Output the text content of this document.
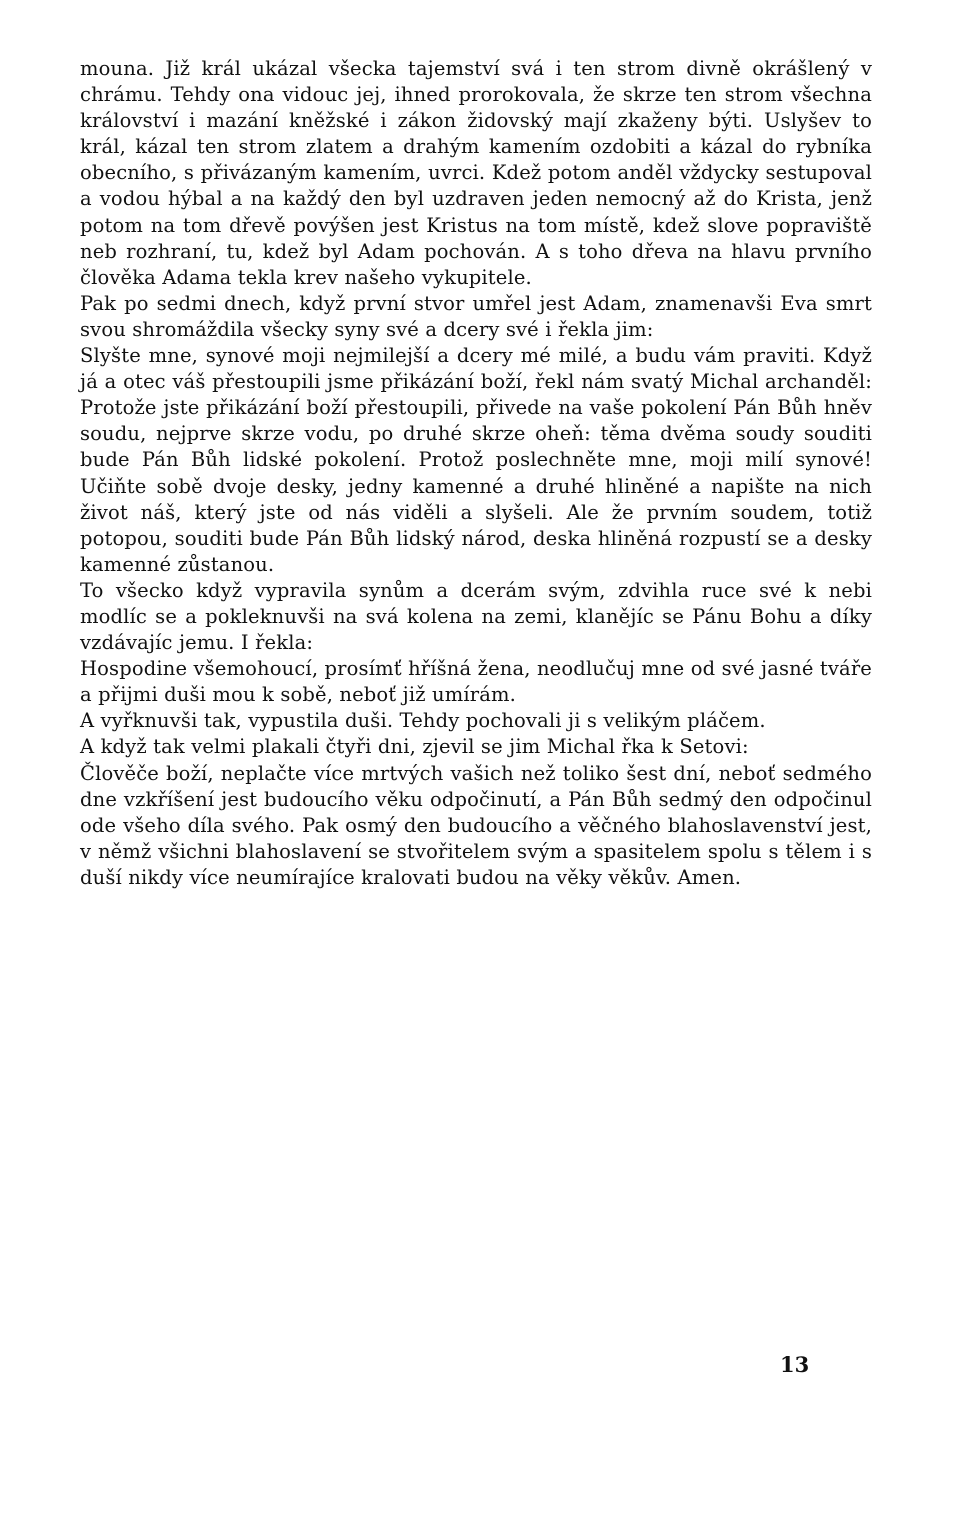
mouna. Již král ukázal všecka tajemství svá i ten strom divně okrášlený v chrámu. Tehdy ona vidouc jej, ihned prorokovala, že skrze ten strom všechna království i mazání kněžské i zákon židovský mají zkaženy býti. Uslyšev to král, kázal ten strom zlatem a drahým kamením ozdobiti a kázal do rybníka obecního, s přivázaným kamením, uvrci. Kdež potom anděl vždycky sestupoval a vodou hýbal a na každý den byl uzdraven jeden nemocný až do Krista, jenž potom na tom dřevě povýšen jest Kristus na tom místě, kdež slove popraviště neb rozhraní, tu, kdež byl Adam pochován. A s toho dřeva na hlavu prvního člověka Adama tekla krev našeho vykupitele.

Pak po sedmi dnech, když první stvor umřel jest Adam, znamenavši Eva smrt svou shromáždila všecky syny své a dcery své i řekla jim:

Slyšte mne, synové moji nejmilejší a dcery mé milé, a budu vám praviti. Když já a otec váš přestoupili jsme přikázání boží, řekl nám svatý Michal archanděl: Protože jste přikázání boží přestoupili, přivede na vaše pokolení Pán Bůh hněv soudu, nejprve skrze vodu, po druhé skrze oheň: těma dvěma soudy souditi bude Pán Bůh lidské pokolení. Protož poslechněte mne, moji milí synové! Učiňte sobě dvoje desky, jedny kamenné a druhé hliněné a napište na nich život náš, který jste od nás viděli a slyšeli. Ale že prvním soudem, totiž potopou, souditi bude Pán Bůh lidský národ, deska hliněná rozpustí se a desky kamenné zůstanou.

To všecko když vypravila synům a dcerám svým, zdvihla ruce své k nebi modlíc se a pokleknuvši na svá kolena na zemi, klanějíc se Pánu Bohu a díky vzdávajíc jemu. I řekla:

Hospodine všemohoucí, prosímť hříšná žena, neodlučuj mne od své jasné tváře a přijmi duši mou k sobě, neboť již umírám.

A vyřknuvši tak, vypustila duši. Tehdy pochovali ji s velikým pláčem.

A když tak velmi plakali čtyři dni, zjevil se jim Michal řka k Setovi:

Člověče boží, neplačte více mrtvých vašich než toliko šest dní, neboť sedmého dne vzkříšení jest budoucího věku odpočinutí, a Pán Bůh sedmý den odpočinul ode všeho díla svého. Pak osmý den budoucího a věčného blahoslavenství jest, v němž všichni blahoslavení se stvořitelem svým a spasitelem spolu s tělem i s duší nikdy více neumírajíce kralovati budou na věky věkův. Amen.

13
